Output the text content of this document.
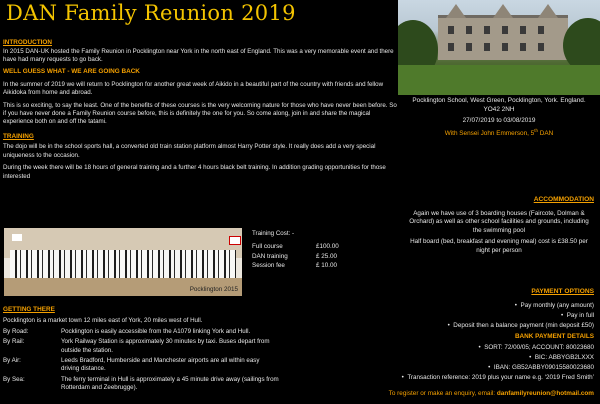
DAN Family Reunion 2019
INTRODUCTION

In 2015 DAN-UK hosted the Family Reunion in Pocklington near York in the north east of England. This was a very memorable event and there have had many requests to go back.

WELL GUESS WHAT - WE ARE GOING BACK

In the summer of 2019 we will return to Pocklington for another great week of Aikido in a beautiful part of the country with friends and fellow Aikidoka from home and abroad.

This is so exciting, to say the least. One of the benefits of these courses is the very welcoming nature for those who have never been before. So if you have never done a Family Reunion course before, this is definitely the one for you. So come along, join in and share the magical experience both on and off the tatami.

TRAINING

The dojo will be in the school sports hall, a converted old train station platform almost Harry Potter style. It really does add a very special uniqueness to the occasion.

During the week there will be 18 hours of general training and a further 4 hours black belt training. In addition grading opportunities for those interested

Pocklington School, West Green, Pocklington, York. England. YO42 2NH

27/07/2019 to 03/08/2019

With Sensei John Emmerson, 5th DAN

Pocklington 2015
Training Cost: -
Full course	£100.00
DAN training	£ 25.00
Session fee	£ 10.00
ACCOMMODATION

Again we have use of 3 boarding houses (Faircote, Dolman & Orchard) as well as other school facilities and grounds, including the swimming pool

Half board (bed, breakfast and evening meal) cost is £38.50 per night per person

GETTING THERE

Pocklington is a market town 12 miles east of York, 20 miles west of Hull.

By Road:	Pocklington is easily accessible from the A1079 linking York and Hull.
By Rail:	York Railway Station is approximately 30 minutes by taxi. Buses depart from outside the station.
By Air:	Leeds Bradford, Humberside and Manchester airports are all within easy driving distance.
By Sea:	The ferry terminal in Hull is approximately a 45 minute drive away (sailings from Rotterdam and Zeebrugge).
PAYMENT OPTIONS

•  Pay monthly (any amount)

•  Pay in full

•  Deposit then a balance payment (min deposit £50)

BANK PAYMENT DETAILS

•  SORT: 72/00/05; ACCOUNT: 80023680

•  BIC: ABBYGB2LXXX

•  IBAN: GB52ABBY09015580023680

•  Transaction reference: 2019 plus your name e.g. ‘2019 Fred Smith’

To register or make an enquiry, email: danfamilyreunion@hotmail.com
